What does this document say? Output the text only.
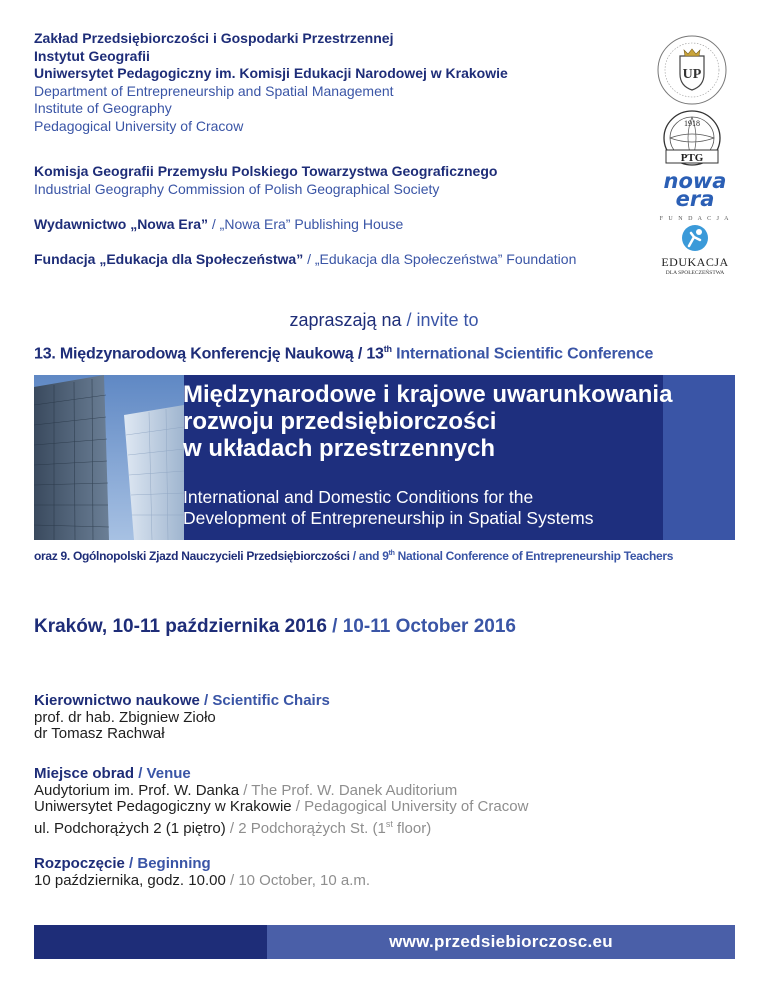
Zakład Przedsiębiorczości i Gospodarki Przestrzennej
Instytut Geografii
Uniwersytet Pedagogiczny im. Komisji Edukacji Narodowej w Krakowie
Department of Entrepreneurship and Spatial Management
Institute of Geography
Pedagogical University of Cracow
Komisja Geografii Przemysłu Polskiego Towarzystwa Geograficznego
Industrial Geography Commission of Polish Geographical Society
Wydawnictwo „Nowa Era” / „Nowa Era” Publishing House
Fundacja „Edukacja dla Społeczeństwa” / „Edukacja dla Społeczeństwa” Foundation
UP
1918
PTG
nowa
era
F U N D A C J A
EDUKACJA
DLA SPOŁECZEŃSTWA
zapraszają na / invite to
13. Międzynarodową Konferencję Naukową / 13th International Scientific Conference
Międzynarodowe i krajowe uwarunkowania
rozwoju przedsiębiorczości
w układach przestrzennych
International and Domestic Conditions for the
Development of Entrepreneurship in Spatial Systems
oraz 9. Ogólnopolski Zjazd Nauczycieli Przedsiębiorczości / and 9th National Conference of Entrepreneurship Teachers
Kraków, 10-11 października 2016 / 10-11 October 2016
Kierownictwo naukowe / Scientific Chairs
prof. dr hab. Zbigniew Zioło
dr Tomasz Rachwał
Miejsce obrad / Venue
Audytorium im. Prof. W. Danka / The Prof. W. Danek Auditorium
Uniwersytet Pedagogiczny w Krakowie / Pedagogical University of Cracow
ul. Podchorążych 2 (1 piętro) / 2 Podchorążych St. (1st floor)
Rozpoczęcie / Beginning
10 października, godz. 10.00 / 10 October, 10 a.m.
www.przedsiebiorczosc.eu
